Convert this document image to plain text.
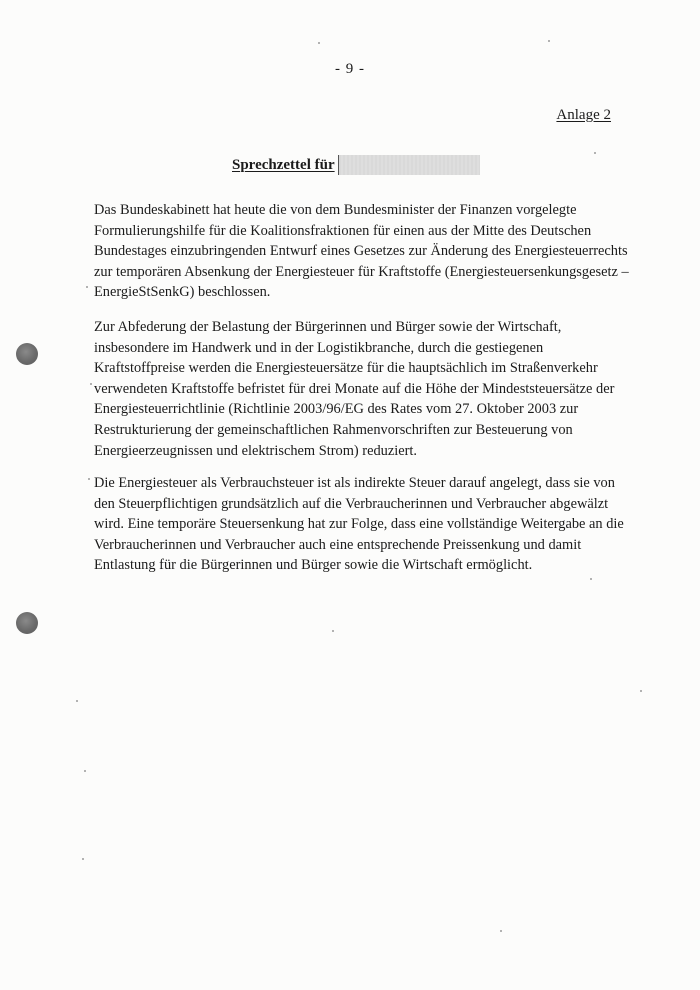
- 9 -
Anlage 2
Sprechzettel für
Das Bundeskabinett hat heute die von dem Bundesminister der Finanzen vorgelegte
Formulierungshilfe für die Koalitionsfraktionen für einen aus der Mitte des Deutschen
Bundestages einzubringenden Entwurf eines Gesetzes zur Änderung des Energiesteuerrechts
zur temporären Absenkung der Energiesteuer für Kraftstoffe (Energiesteuersenkungsgesetz –
EnergieStSenkG) beschlossen.
Zur Abfederung der Belastung der Bürgerinnen und Bürger sowie der Wirtschaft,
insbesondere im Handwerk und in der Logistikbranche, durch die gestiegenen
Kraftstoffpreise werden die Energiesteuersätze für die hauptsächlich im Straßenverkehr
verwendeten Kraftstoffe befristet für drei Monate auf die Höhe der Mindeststeuersätze der
Energiesteuerrichtlinie (Richtlinie 2003/96/EG des Rates vom 27. Oktober 2003 zur
Restrukturierung der gemeinschaftlichen Rahmenvorschriften zur Besteuerung von
Energieerzeugnissen und elektrischem Strom) reduziert.
Die Energiesteuer als Verbrauchsteuer ist als indirekte Steuer darauf angelegt, dass sie von
den Steuerpflichtigen grundsätzlich auf die Verbraucherinnen und Verbraucher abgewälzt
wird. Eine temporäre Steuersenkung hat zur Folge, dass eine vollständige Weitergabe an die
Verbraucherinnen und Verbraucher auch eine entsprechende Preissenkung und damit
Entlastung für die Bürgerinnen und Bürger sowie die Wirtschaft ermöglicht.
